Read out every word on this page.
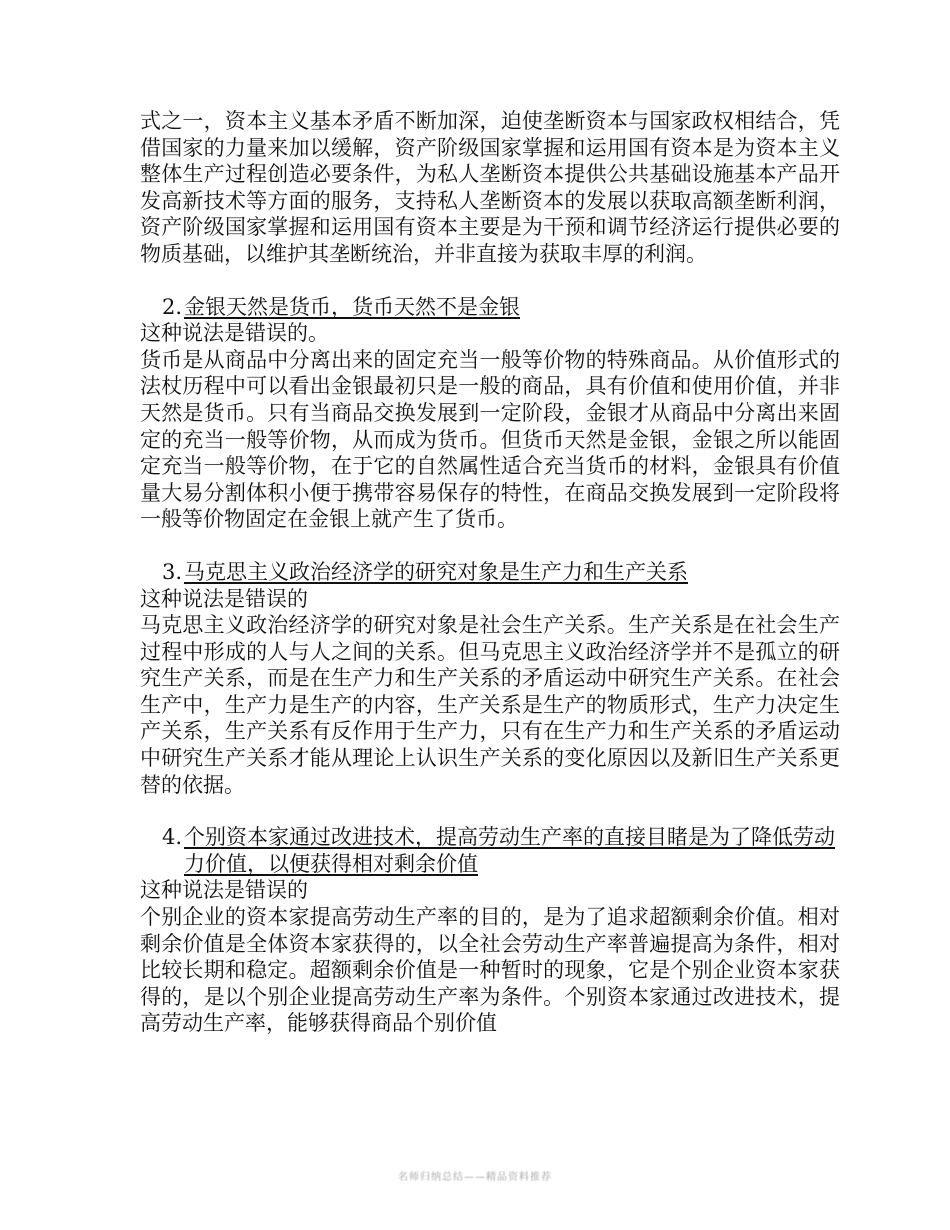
式之一，资本主义基本矛盾不断加深，迫使垄断资本与国家政权相结合，凭借国家的力量来加以缓解，资产阶级国家掌握和运用国有资本是为资本主义整体生产过程创造必要条件，为私人垄断资本提供公共基础设施基本产品开发高新技术等方面的服务，支持私人垄断资本的发展以获取高额垄断利润，资产阶级国家掌握和运用国有资本主要是为干预和调节经济运行提供必要的物质基础，以维护其垄断统治，并非直接为获取丰厚的利润。

2. 金银天然是货币，货币天然不是金银

这种说法是错误的。

货币是从商品中分离出来的固定充当一般等价物的特殊商品。从价值形式的法杖历程中可以看出金银最初只是一般的商品，具有价值和使用价值，并非天然是货币。只有当商品交换发展到一定阶段，金银才从商品中分离出来固定的充当一般等价物，从而成为货币。但货币天然是金银，金银之所以能固定充当一般等价物，在于它的自然属性适合充当货币的材料，金银具有价值量大易分割体积小便于携带容易保存的特性，在商品交换发展到一定阶段将一般等价物固定在金银上就产生了货币。

3. 马克思主义政治经济学的研究对象是生产力和生产关系

这种说法是错误的

马克思主义政治经济学的研究对象是社会生产关系。生产关系是在社会生产过程中形成的人与人之间的关系。但马克思主义政治经济学并不是孤立的研究生产关系，而是在生产力和生产关系的矛盾运动中研究生产关系。在社会生产中，生产力是生产的内容，生产关系是生产的物质形式，生产力决定生产关系，生产关系有反作用于生产力，只有在生产力和生产关系的矛盾运动中研究生产关系才能从理论上认识生产关系的变化原因以及新旧生产关系更替的依据。

4. 个别资本家通过改进技术，提高劳动生产率的直接目睹是为了降低劳动力价值，以便获得相对剩余价值

这种说法是错误的

个别企业的资本家提高劳动生产率的目的，是为了追求超额剩余价值。相对剩余价值是全体资本家获得的，以全社会劳动生产率普遍提高为条件，相对比较长期和稳定。超额剩余价值是一种暂时的现象，它是个别企业资本家获得的，是以个别企业提高劳动生产率为条件。个别资本家通过改进技术，提高劳动生产率，能够获得商品个别价值

名师归纳总结——精品资料推荐
